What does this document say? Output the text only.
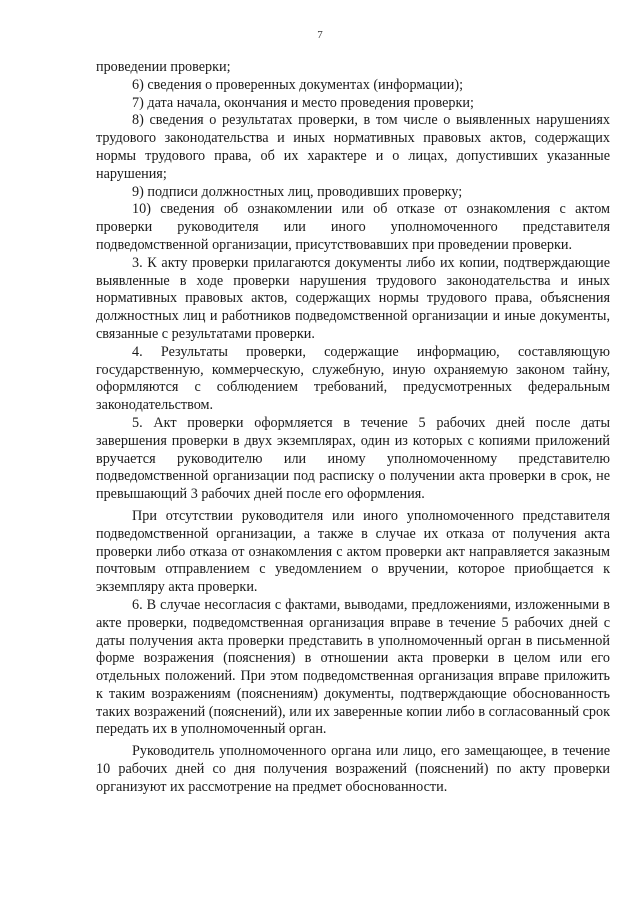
7

проведении проверки;

6) сведения о проверенных документах (информации);

7) дата начала, окончания и место проведения проверки;

8) сведения о результатах проверки, в том числе о выявленных нарушениях трудового законодательства и иных нормативных правовых актов, содержащих нормы трудового права, об их характере и о лицах, допустивших указанные нарушения;

9) подписи должностных лиц, проводивших проверку;

10) сведения об ознакомлении или об отказе от ознакомления с актом проверки руководителя или иного уполномоченного представителя подведомственной организации, присутствовавших при проведении проверки.

3. К акту проверки прилагаются документы либо их копии, подтверждающие выявленные в ходе проверки нарушения трудового законодательства и иных нормативных правовых актов, содержащих нормы трудового права, объяснения должностных лиц и работников подведомственной организации и иные документы, связанные с результатами проверки.

4. Результаты проверки, содержащие информацию, составляющую государственную, коммерческую, служебную, иную охраняемую законом тайну, оформляются с соблюдением требований, предусмотренных федеральным законодательством.

5. Акт проверки оформляется в течение 5 рабочих дней после даты завершения проверки в двух экземплярах, один из которых с копиями приложений вручается руководителю или иному уполномоченному представителю подведомственной организации под расписку о получении акта проверки в срок, не превышающий 3 рабочих дней после его оформления.

При отсутствии руководителя или иного уполномоченного представителя подведомственной организации, а также в случае их отказа от получения акта проверки либо отказа от ознакомления с актом проверки акт направляется заказным почтовым отправлением с уведомлением о вручении, которое приобщается к экземпляру акта проверки.

6. В случае несогласия с фактами, выводами, предложениями, изложенными в акте проверки, подведомственная организация вправе в течение 5 рабочих дней с даты получения акта проверки представить в уполномоченный орган в письменной форме возражения (пояснения) в отношении акта проверки в целом или его отдельных положений. При этом подведомственная организация вправе приложить к таким возражениям (пояснениям) документы, подтверждающие обоснованность таких возражений (пояснений), или их заверенные копии либо в согласованный срок передать их в уполномоченный орган.

Руководитель уполномоченного органа или лицо, его замещающее, в течение 10 рабочих дней со дня получения возражений (пояснений) по акту проверки организуют их рассмотрение на предмет обоснованности.
